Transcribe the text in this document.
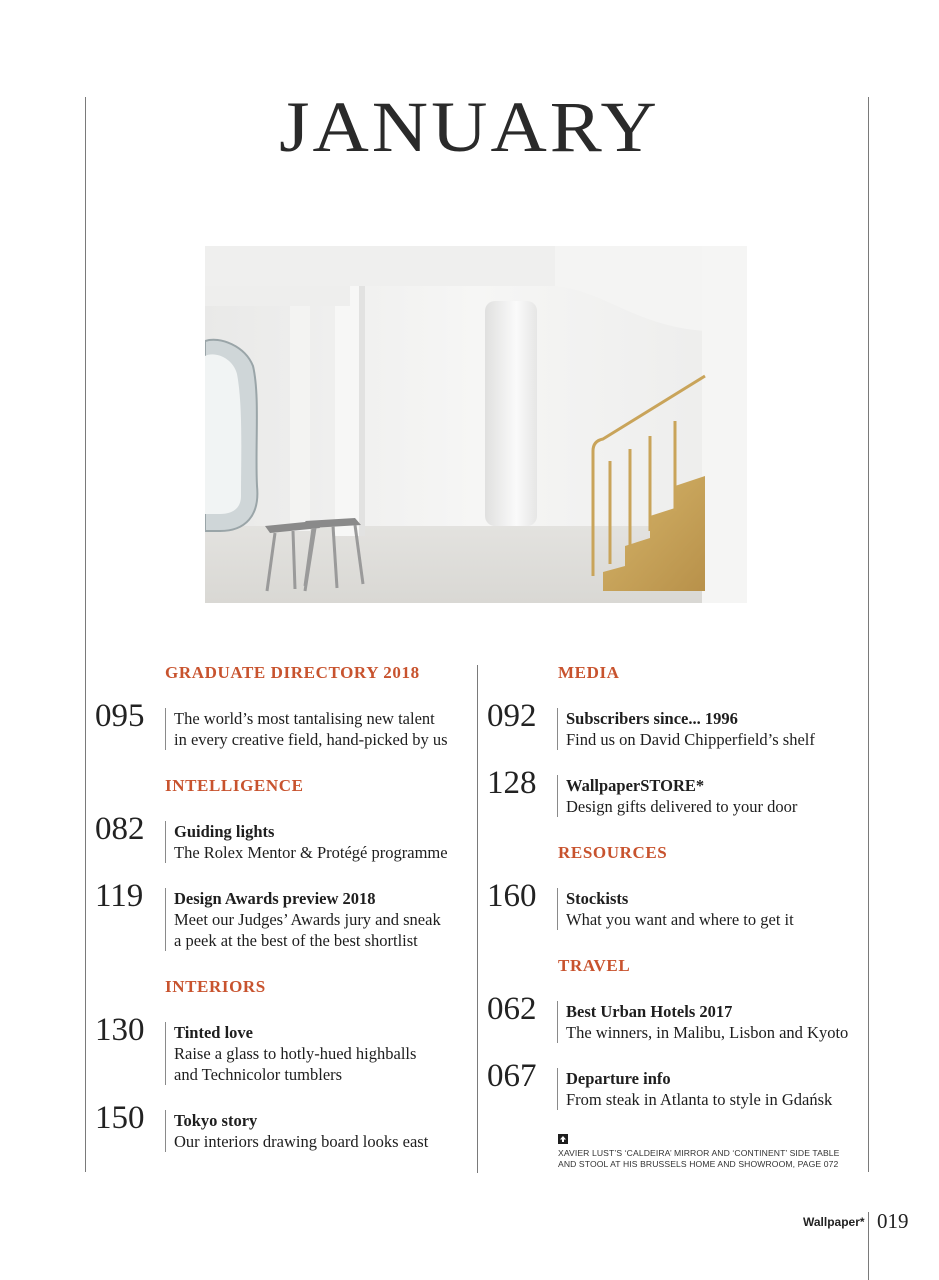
JANUARY
GRADUATE DIRECTORY 2018
095 The world’s most tantalising new talent
in every creative field, hand-picked by us
INTELLIGENCE
082 Guiding lights
The Rolex Mentor & Protégé programme
119 Design Awards preview 2018
Meet our Judges’ Awards jury and sneak
a peek at the best of the best shortlist
INTERIORS
130 Tinted love
Raise a glass to hotly-hued highballs
and Technicolor tumblers
150 Tokyo story
Our interiors drawing board looks east
MEDIA
092 Subscribers since... 1996
Find us on David Chipperfield’s shelf
128 WallpaperSTORE*
Design gifts delivered to your door
RESOURCES
160 Stockists
What you want and where to get it
TRAVEL
062 Best Urban Hotels 2017
The winners, in Malibu, Lisbon and Kyoto
067 Departure info
From steak in Atlanta to style in Gdańsk
XAVIER LUST’S ‘CALDEIRA’ MIRROR AND ‘CONTINENT’ SIDE TABLE
AND STOOL AT HIS BRUSSELS HOME AND SHOWROOM, PAGE 072
Wallpaper* 019
